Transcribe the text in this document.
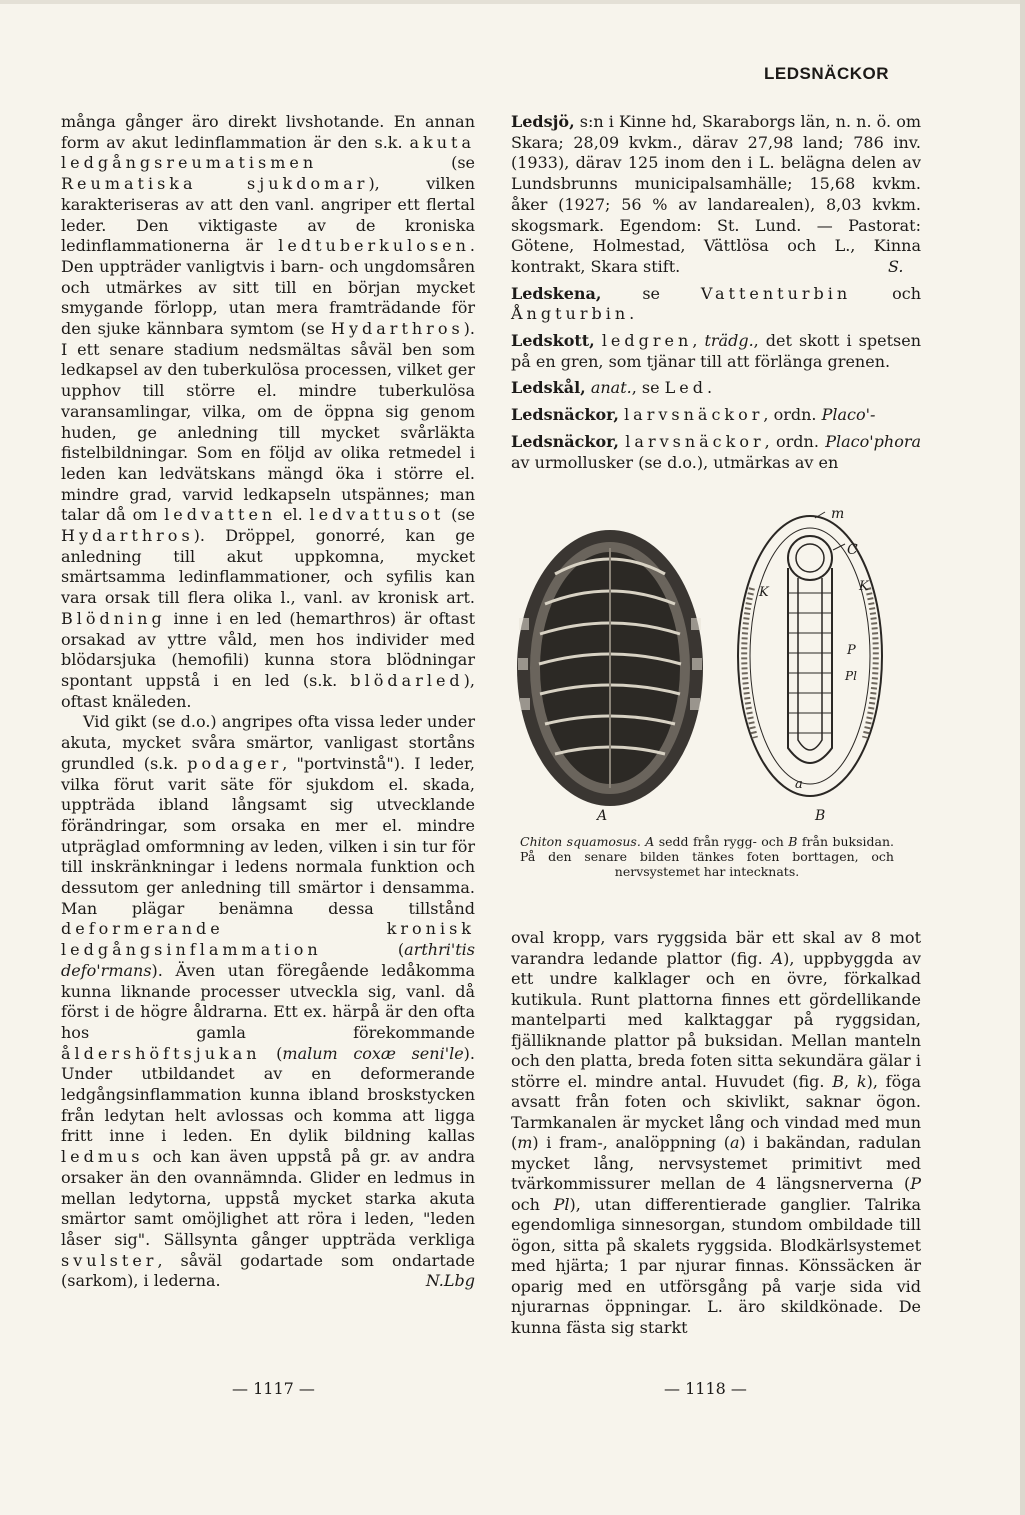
LEDSNÄCKOR

många gånger äro direkt livshotande. En annan form av akut ledinflammation är den s.k. akuta ledgångsreumatismen (se Reumatiska sjukdomar), vilken karakteriseras av att den vanl. angriper ett flertal leder. Den viktigaste av de kroniska ledinflammationerna är ledtuberkulosen. Den uppträder vanligtvis i barn- och ungdomsåren och utmärkes av sitt till en början mycket smygande förlopp, utan mera framträdande för den sjuke kännbara symtom (se Hydarthros). I ett senare stadium nedsmältas såväl ben som ledkapsel av den tuberkulösa processen, vilket ger upphov till större el. mindre tuberkulösa varansamlingar, vilka, om de öppna sig genom huden, ge anledning till mycket svårläkta fistelbildningar. Som en följd av olika retmedel i leden kan ledvätskans mängd öka i större el. mindre grad, varvid ledkapseln utspännes; man talar då om ledvatten el. ledvattusot (se Hydarthros). Dröppel, gonorré, kan ge anledning till akut uppkomna, mycket smärtsamma ledinflammationer, och syfilis kan vara orsak till flera olika l., vanl. av kronisk art. Blödning inne i en led (hemarthros) är oftast orsakad av yttre våld, men hos individer med blödarsjuka (hemofili) kunna stora blödningar spontant uppstå i en led (s.k. blödarled), oftast knäleden.

Vid gikt (se d.o.) angripes ofta vissa leder under akuta, mycket svåra smärtor, vanligast stortåns grundled (s.k. podager, "portvinstå"). I leder, vilka förut varit säte för sjukdom el. skada, uppträda ibland långsamt sig utvecklande förändringar, som orsaka en mer el. mindre utpräglad omformning av leden, vilken i sin tur för till inskränkningar i ledens normala funktion och dessutom ger anledning till smärtor i densamma. Man plägar benämna dessa tillstånd deformerande kronisk ledgångsinflammation (arthri'tis defo'rmans). Även utan föregående ledåkomma kunna liknande processer utveckla sig, vanl. då först i de högre åldrarna. Ett ex. härpå är den ofta hos gamla förekommande åldershöftsjukan (malum coxæ seni'le). Under utbildandet av en deformerande ledgångsinflammation kunna ibland broskstycken från ledytan helt avlossas och komma att ligga fritt inne i leden. En dylik bildning kallas ledmus och kan även uppstå på gr. av andra orsaker än den ovannämnda. Glider en ledmus in mellan ledytorna, uppstå mycket starka akuta smärtor samt omöjlighet att röra i leden, "leden låser sig". Sällsynta gånger uppträda verkliga svulster, såväl godartade som ondartade (sarkom), i lederna.	N.Lbg

Ledsjö, s:n i Kinne hd, Skaraborgs län, n. n. ö. om Skara; 28,09 kvkm., därav 27,98 land; 786 inv. (1933), därav 125 inom den i L. belägna delen av Lundsbrunns municipalsamhälle; 15,68 kvkm. åker (1927; 56 % av landarealen), 8,03 kvkm. skogsmark. Egendom: St. Lund. — Pastorat: Götene, Holmestad, Vättlösa och L., Kinna kontrakt, Skara stift.

Ledskena, se Vattenturbin och Ångturbin.

Ledskott, ledgren, trädg., det skott i spetsen på en gren, som tjänar till att förlänga grenen.

Ledskål, anat., se Led.

Ledsnäckor, larvsnäckor, ordn. Placo'-

Ledsnäckor, larvsnäckor, ordn. Placo'phora av urmollusker (se d.o.), utmärkas av en

S.
A
m
C
K	K
P
Pl
a
B
Chiton squamosus. A sedd från rygg- och B från buksidan. På den senare bilden tänkes foten borttagen, och nervsystemet har intecknats.
oval kropp, vars ryggsida bär ett skal av 8 mot varandra ledande plattor (fig. A), uppbyggda av ett undre kalklager och en övre, förkalkad kutikula. Runt plattorna finnes ett gördellikande mantelparti med kalktaggar på ryggsidan, fjälliknande plattor på buksidan. Mellan manteln och den platta, breda foten sitta sekundära gälar i större el. mindre antal. Huvudet (fig. B, k), föga avsatt från foten och skivlikt, saknar ögon. Tarmkanalen är mycket lång och vindad med mun (m) i fram-, analöppning (a) i bakändan, radulan mycket lång, nervsystemet primitivt med tvärkommissurer mellan de 4 längsnerverna (P och Pl), utan differentierade ganglier. Talrika egendomliga sinnesorgan, stundom ombildade till ögon, sitta på skalets ryggsida. Blodkärlsystemet med hjärta; 1 par njurar finnas. Könssäcken är oparig med en utförsgång på varje sida vid njurarnas öppningar. L. äro skildkönade. De kunna fästa sig starkt
— 1117 —	— 1118 —
